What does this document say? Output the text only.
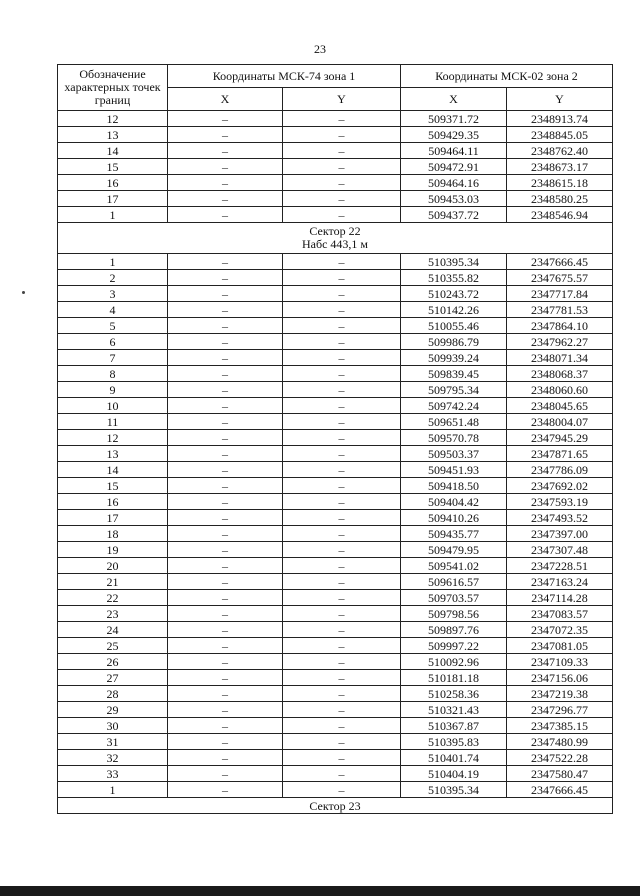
23
Обозначение характерных точек границ	Координаты МСК-74 зона 1		Координаты МСК-02 зона 2	
	X	Y	X	Y
12	–	–	509371.72	2348913.74
13	–	–	509429.35	2348845.05
14	–	–	509464.11	2348762.40
15	–	–	509472.91	2348673.17
16	–	–	509464.16	2348615.18
17	–	–	509453.03	2348580.25
1	–	–	509437.72	2348546.94
Сектор 22
Набс 443,1 м				
1	–	–	510395.34	2347666.45
2	–	–	510355.82	2347675.57
3	–	–	510243.72	2347717.84
4	–	–	510142.26	2347781.53
5	–	–	510055.46	2347864.10
6	–	–	509986.79	2347962.27
7	–	–	509939.24	2348071.34
8	–	–	509839.45	2348068.37
9	–	–	509795.34	2348060.60
10	–	–	509742.24	2348045.65
11	–	–	509651.48	2348004.07
12	–	–	509570.78	2347945.29
13	–	–	509503.37	2347871.65
14	–	–	509451.93	2347786.09
15	–	–	509418.50	2347692.02
16	–	–	509404.42	2347593.19
17	–	–	509410.26	2347493.52
18	–	–	509435.77	2347397.00
19	–	–	509479.95	2347307.48
20	–	–	509541.02	2347228.51
21	–	–	509616.57	2347163.24
22	–	–	509703.57	2347114.28
23	–	–	509798.56	2347083.57
24	–	–	509897.76	2347072.35
25	–	–	509997.22	2347081.05
26	–	–	510092.96	2347109.33
27	–	–	510181.18	2347156.06
28	–	–	510258.36	2347219.38
29	–	–	510321.43	2347296.77
30	–	–	510367.87	2347385.15
31	–	–	510395.83	2347480.99
32	–	–	510401.74	2347522.28
33	–	–	510404.19	2347580.47
1	–	–	510395.34	2347666.45
Сектор 23				
